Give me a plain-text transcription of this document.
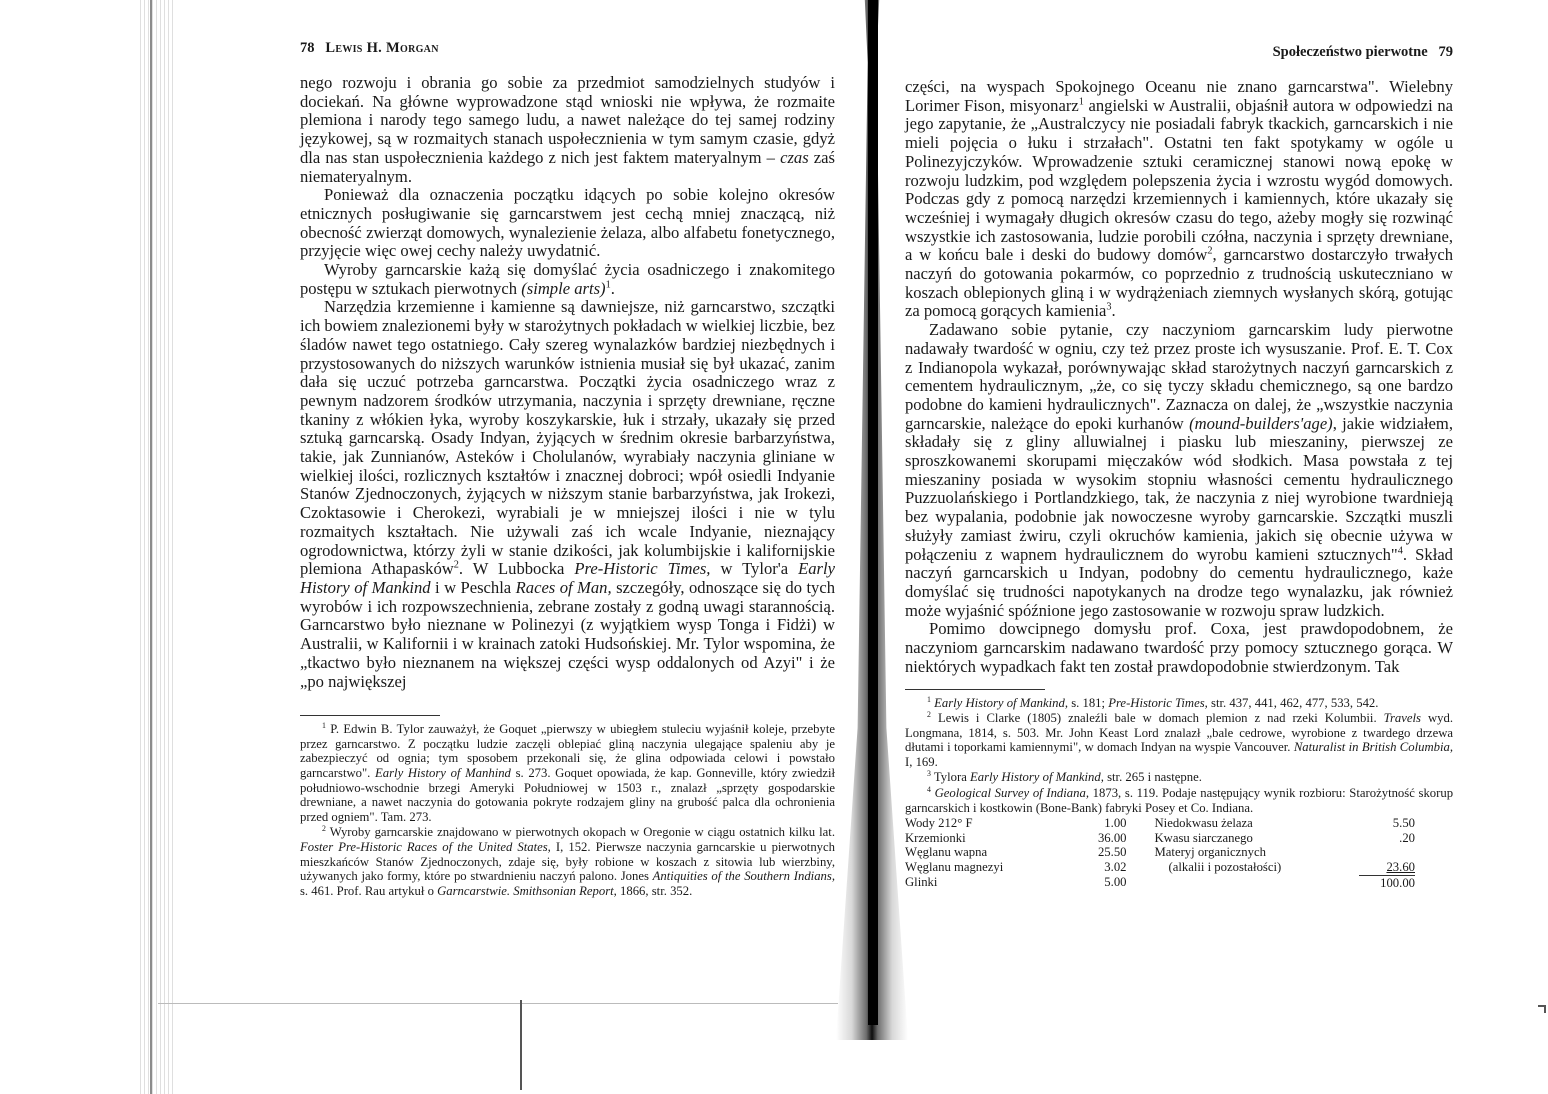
78 Lewis H. Morgan

nego rozwoju i obrania go sobie za przedmiot samodzielnych studyów i dociekań. Na główne wyprowadzone stąd wnioski nie wpływa, że rozmaite plemiona i narody tego samego ludu, a nawet należące do tej samej rodziny językowej, są w rozmaitych stanach uspołecznienia w tym samym czasie, gdyż dla nas stan uspołecznienia każdego z nich jest faktem materyalnym – czas zaś niemateryalnym.

Ponieważ dla oznaczenia początku idących po sobie kolejno okresów etnicznych posługiwanie się garncarstwem jest cechą mniej znaczącą, niż obecność zwierząt domowych, wynalezienie żelaza, albo alfabetu fonetycznego, przyjęcie więc owej cechy należy uwydatnić.

Wyroby garncarskie każą się domyślać życia osadniczego i znakomitego postępu w sztukach pierwotnych (simple arts)$^1$.

Narzędzia krzemienne i kamienne są dawniejsze, niż garncarstwo, szczątki ich bowiem znalezionemi były w starożytnych pokładach w wielkiej liczbie, bez śladów nawet tego ostatniego. Cały szereg wynalazków bardziej niezbędnych i przystosowanych do niższych warunków istnienia musiał się był ukazać, zanim dała się uczuć potrzeba garncarstwa. Początki życia osadniczego wraz z pewnym nadzorem środków utrzymania, naczynia i sprzęty drewniane, ręczne tkaniny z włókien łyka, wyroby koszykarskie, łuk i strzały, ukazały się przed sztuką garncarską. Osady Indyan, żyjących w średnim okresie barbarzyństwa, takie, jak Zunnianów, Asteków i Cholulanów, wyrabiały naczynia gliniane w wielkiej ilości, rozlicznych kształtów i znacznej dobroci; wpół osiedli Indyanie Stanów Zjednoczonych, żyjących w niższym stanie barbarzyństwa, jak Irokezi, Czoktasowie i Cherokezi, wyrabiali je w mniejszej ilości i nie w tylu rozmaitych kształtach. Nie używali zaś ich wcale Indyanie, nieznający ogrodownictwa, którzy żyli w stanie dzikości, jak kolumbijskie i kalifornijskie plemiona Athapasków$^2$. W Lubbocka Pre-Historic Times, w Tylor'a Early History of Mankind i w Peschla Races of Man, szczegóły, odnoszące się do tych wyrobów i ich rozpowszechnienia, zebrane zostały z godną uwagi starannością. Garncarstwo było nieznane w Polinezyi (z wyjątkiem wysp Tonga i Fidżi) w Australii, w Kalifornii i w krainach zatoki Hudsońskiej. Mr. Tylor wspomina, że „tkactwo było nieznanem na większej części wysp oddalonych od Azyi" i że „po największej

$^1$ P. Edwin B. Tylor zauważył, że Goquet „pierwszy w ubiegłem stuleciu wyjaśnił koleje, przebyte przez garncarstwo. Z początku ludzie zaczęli oblepiać gliną naczynia ulegające spaleniu aby je zabezpieczyć od ognia; tym sposobem przekonali się, że glina odpowiada celowi i powstało garncarstwo". Early History of Manhind s. 273. Goquet opowiada, że kap. Gonneville, który zwiedził południowo-wschodnie brzegi Ameryki Południowej w 1503 r., znalazł „sprzęty gospodarskie drewniane, a nawet naczynia do gotowania pokryte rodzajem gliny na grubość palca dla ochronienia przed ogniem". Tam. 273.

$^2$ Wyroby garncarskie znajdowano w pierwotnych okopach w Oregonie w ciągu ostatnich kilku lat. Foster Pre-Historic Races of the United States, I, 152. Pierwsze naczynia garncarskie u pierwotnych mieszkańców Stanów Zjednoczonych, zdaje się, były robione w koszach z sitowia lub wierzbiny, używanych jako formy, które po stwardnieniu naczyń palono. Jones Antiquities of the Southern Indians, s. 461. Prof. Rau artykuł o Garncarstwie. Smithsonian Report, 1866, str. 352.

Społeczeństwo pierwotne 79

części, na wyspach Spokojnego Oceanu nie znano garncarstwa". Wielebny Lorimer Fison, misyonarz$^1$ angielski w Australii, objaśnił autora w odpowiedzi na jego zapytanie, że „Australczycy nie posiadali fabryk tkackich, garncarskich i nie mieli pojęcia o łuku i strzałach". Ostatni ten fakt spotykamy w ogóle u Polinezyjczyków. Wprowadzenie sztuki ceramicznej stanowi nową epokę w rozwoju ludzkim, pod względem polepszenia życia i wzrostu wygód domowych. Podczas gdy z pomocą narzędzi krzemiennych i kamiennych, które ukazały się wcześniej i wymagały długich okresów czasu do tego, ażeby mogły się rozwinąć wszystkie ich zastosowania, ludzie porobili czółna, naczynia i sprzęty drewniane, a w końcu bale i deski do budowy domów$^2$, garncarstwo dostarczyło trwałych naczyń do gotowania pokarmów, co poprzednio z trudnością uskuteczniano w koszach oblepionych gliną i w wydrążeniach ziemnych wysłanych skórą, gotując za pomocą gorących kamienia$^3$.

Zadawano sobie pytanie, czy naczyniom garncarskim ludy pierwotne nadawały twardość w ogniu, czy też przez proste ich wysuszanie. Prof. E. T. Cox z Indianopola wykazał, porównywając skład starożytnych naczyń garncarskich z cementem hydraulicznym, „że, co się tyczy składu chemicznego, są one bardzo podobne do kamieni hydraulicznych". Zaznacza on dalej, że „wszystkie naczynia garncarskie, należące do epoki kurhanów (mound-builders'age), jakie widziałem, składały się z gliny alluwialnej i piasku lub mieszaniny, pierwszej ze sproszkowanemi skorupami mięczaków wód słodkich. Masa powstała z tej mieszaniny posiada w wysokim stopniu własności cementu hydraulicznego Puzzuolańskiego i Portlandzkiego, tak, że naczynia z niej wyrobione twardnieją bez wypalania, podobnie jak nowoczesne wyroby garncarskie. Szczątki muszli służyły zamiast żwiru, czyli okruchów kamienia, jakich się obecnie używa w połączeniu z wapnem hydraulicznem do wyrobu kamieni sztucznych"$^4$. Skład naczyń garncarskich u Indyan, podobny do cementu hydraulicznego, każe domyślać się trudności napotykanych na drodze tego wynalazku, jak również może wyjaśnić spóźnione jego zastosowanie w rozwoju spraw ludzkich.

Pomimo dowcipnego domysłu prof. Coxa, jest prawdopodobnem, że naczyniom garncarskim nadawano twardość przy pomocy sztucznego gorąca. W niektórych wypadkach fakt ten został prawdopodobnie stwierdzonym. Tak

$^1$ Early History of Mankind, s. 181; Pre-Historic Times, str. 437, 441, 462, 477, 533, 542.

$^2$ Lewis i Clarke (1805) znaleźli bale w domach plemion z nad rzeki Kolumbii. Travels wyd. Longmana, 1814, s. 503. Mr. John Keast Lord znalazł „bale cedrowe, wyrobione z twardego drzewa dłutami i toporkami kamiennymi", w domach Indyan na wyspie Vancouver. Naturalist in British Columbia, I, 169.

$^3$ Tylora Early History of Mankind, str. 265 i następne.

$^4$ Geological Survey of Indiana, 1873, s. 119. Podaje następujący wynik rozbioru: Starożytność skorup garncarskich i kostkowin (Bone-Bank) fabryki Posey et Co. Indiana.

Wody 212° F	1.00	Niedokwasu żelaza	5.50
Krzemionki	36.00	Kwasu siarczanego	.20
Węglanu wapna	25.50	Materyj organicznych	
Węglanu magnezyi	3.02	(alkalii i pozostałości)	23.60
Glinki	5.00		100.00
